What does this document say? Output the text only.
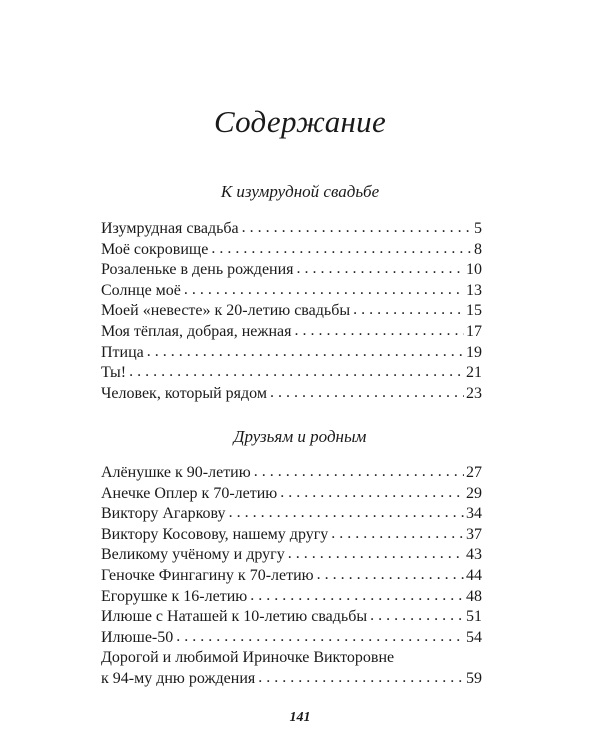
Содержание
К изумрудной свадьбе
Изумрудная свадьба . . .	5
Моё сокровище . . .	8
Розаленьке в день рождения . . .	10
Солнце моё . . .	13
Моей «невесте» к 20-летию свадьбы . . .	15
Моя тёплая, добрая, нежная . . .	17
Птица . . .	19
Ты! . . .	21
Человек, который рядом . . .	23
Друзьям и родным
Алёнушке к 90-летию . . .	27
Анечке Оплер к 70-летию . . .	29
Виктору Агаркову . . .	34
Виктору Косовову, нашему другу . . .	37
Великому учёному и другу . . .	43
Геночке Фингагину к 70-летию . . .	44
Егорушке к 16-летию . . .	48
Илюше с Наташей к 10-летию свадьбы . . .	51
Илюше-50 . . .	54
Дорогой и любимой Ириночке Викторовне
к 94-му дню рождения . . .	59
141
